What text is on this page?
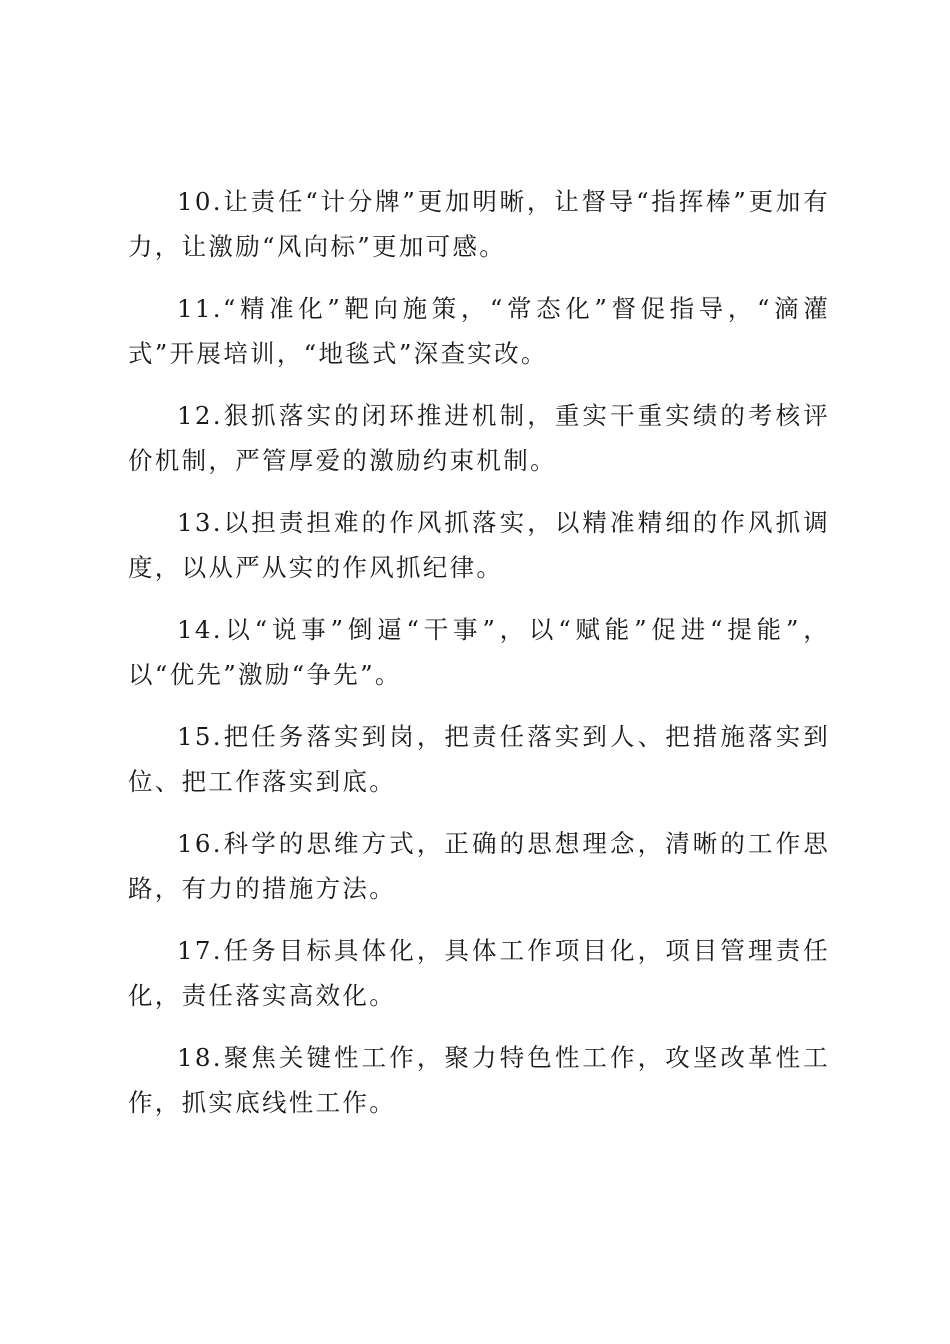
10.让责任“计分牌”更加明晰，让督导“指挥棒”更加有力，让激励“风向标”更加可感。

11.“精准化”靶向施策，“常态化”督促指导，“滴灌式”开展培训，“地毯式”深查实改。

12.狠抓落实的闭环推进机制，重实干重实绩的考核评价机制，严管厚爱的激励约束机制。

13.以担责担难的作风抓落实，以精准精细的作风抓调度，以从严从实的作风抓纪律。

14.以“说事”倒逼“干事”，以“赋能”促进“提能”，以“优先”激励“争先”。

15.把任务落实到岗，把责任落实到人、把措施落实到位、把工作落实到底。

16.科学的思维方式，正确的思想理念，清晰的工作思路，有力的措施方法。

17.任务目标具体化，具体工作项目化，项目管理责任化，责任落实高效化。

18.聚焦关键性工作，聚力特色性工作，攻坚改革性工作，抓实底线性工作。
